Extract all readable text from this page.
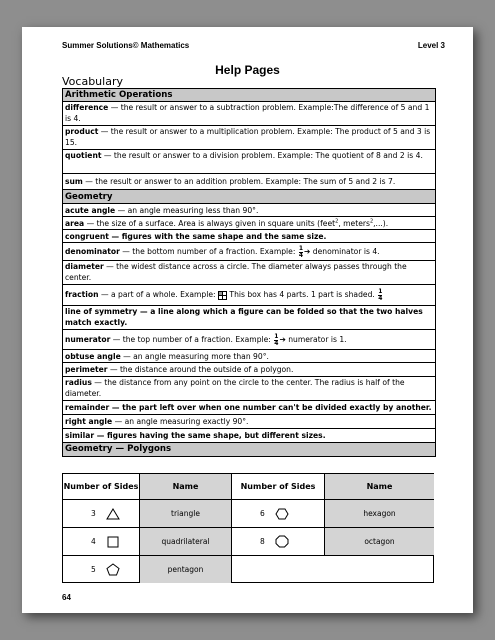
Summer Solutions© Mathematics	Level 3
Help Pages
Vocabulary
Arithmetic Operations
difference — the result or answer to a subtraction problem. Example:The difference of 5 and 1 is 4.
product — the result or answer to a multiplication problem. Example: The product of 5 and 3 is 15.
quotient — the result or answer to a division problem. Example: The quotient of 8 and 2 is 4.
sum — the result or answer to an addition problem. Example: The sum of 5 and 2 is 7.
Geometry
acute angle — an angle measuring less than 90°.
area — the size of a surface. Area is always given in square units (feet$^2$, meters$^2$,...).
congruent — figures with the same shape and the same size.
denominator — the bottom number of a fraction. Example: $\frac{1}{4}$ ➔ denominator is 4.
diameter — the widest distance across a circle. The diameter always passes through the center.
fraction — a part of a whole. Example:
This box has 4 parts. 1 part is shaded. $\frac{1}{4}$
line of symmetry — a line along which a figure can be folded so that the two halves match exactly.
numerator — the top number of a fraction. Example: $\frac{1}{4}$ ➔ numerator is 1.
obtuse angle — an angle measuring more than 90°.
perimeter — the distance around the outside of a polygon.
radius — the distance from any point on the circle to the center. The radius is half of the diameter.
remainder — the part left over when one number can't be divided exactly by another.
right angle — an angle measuring exactly 90°.
similar — figures having the same shape, but different sizes.
Geometry — Polygons
Number of Sides	Name	Number of Sides	Name
3	triangle	6	hexagon
4	quadrilateral	8	octagon
5	pentagon
64
